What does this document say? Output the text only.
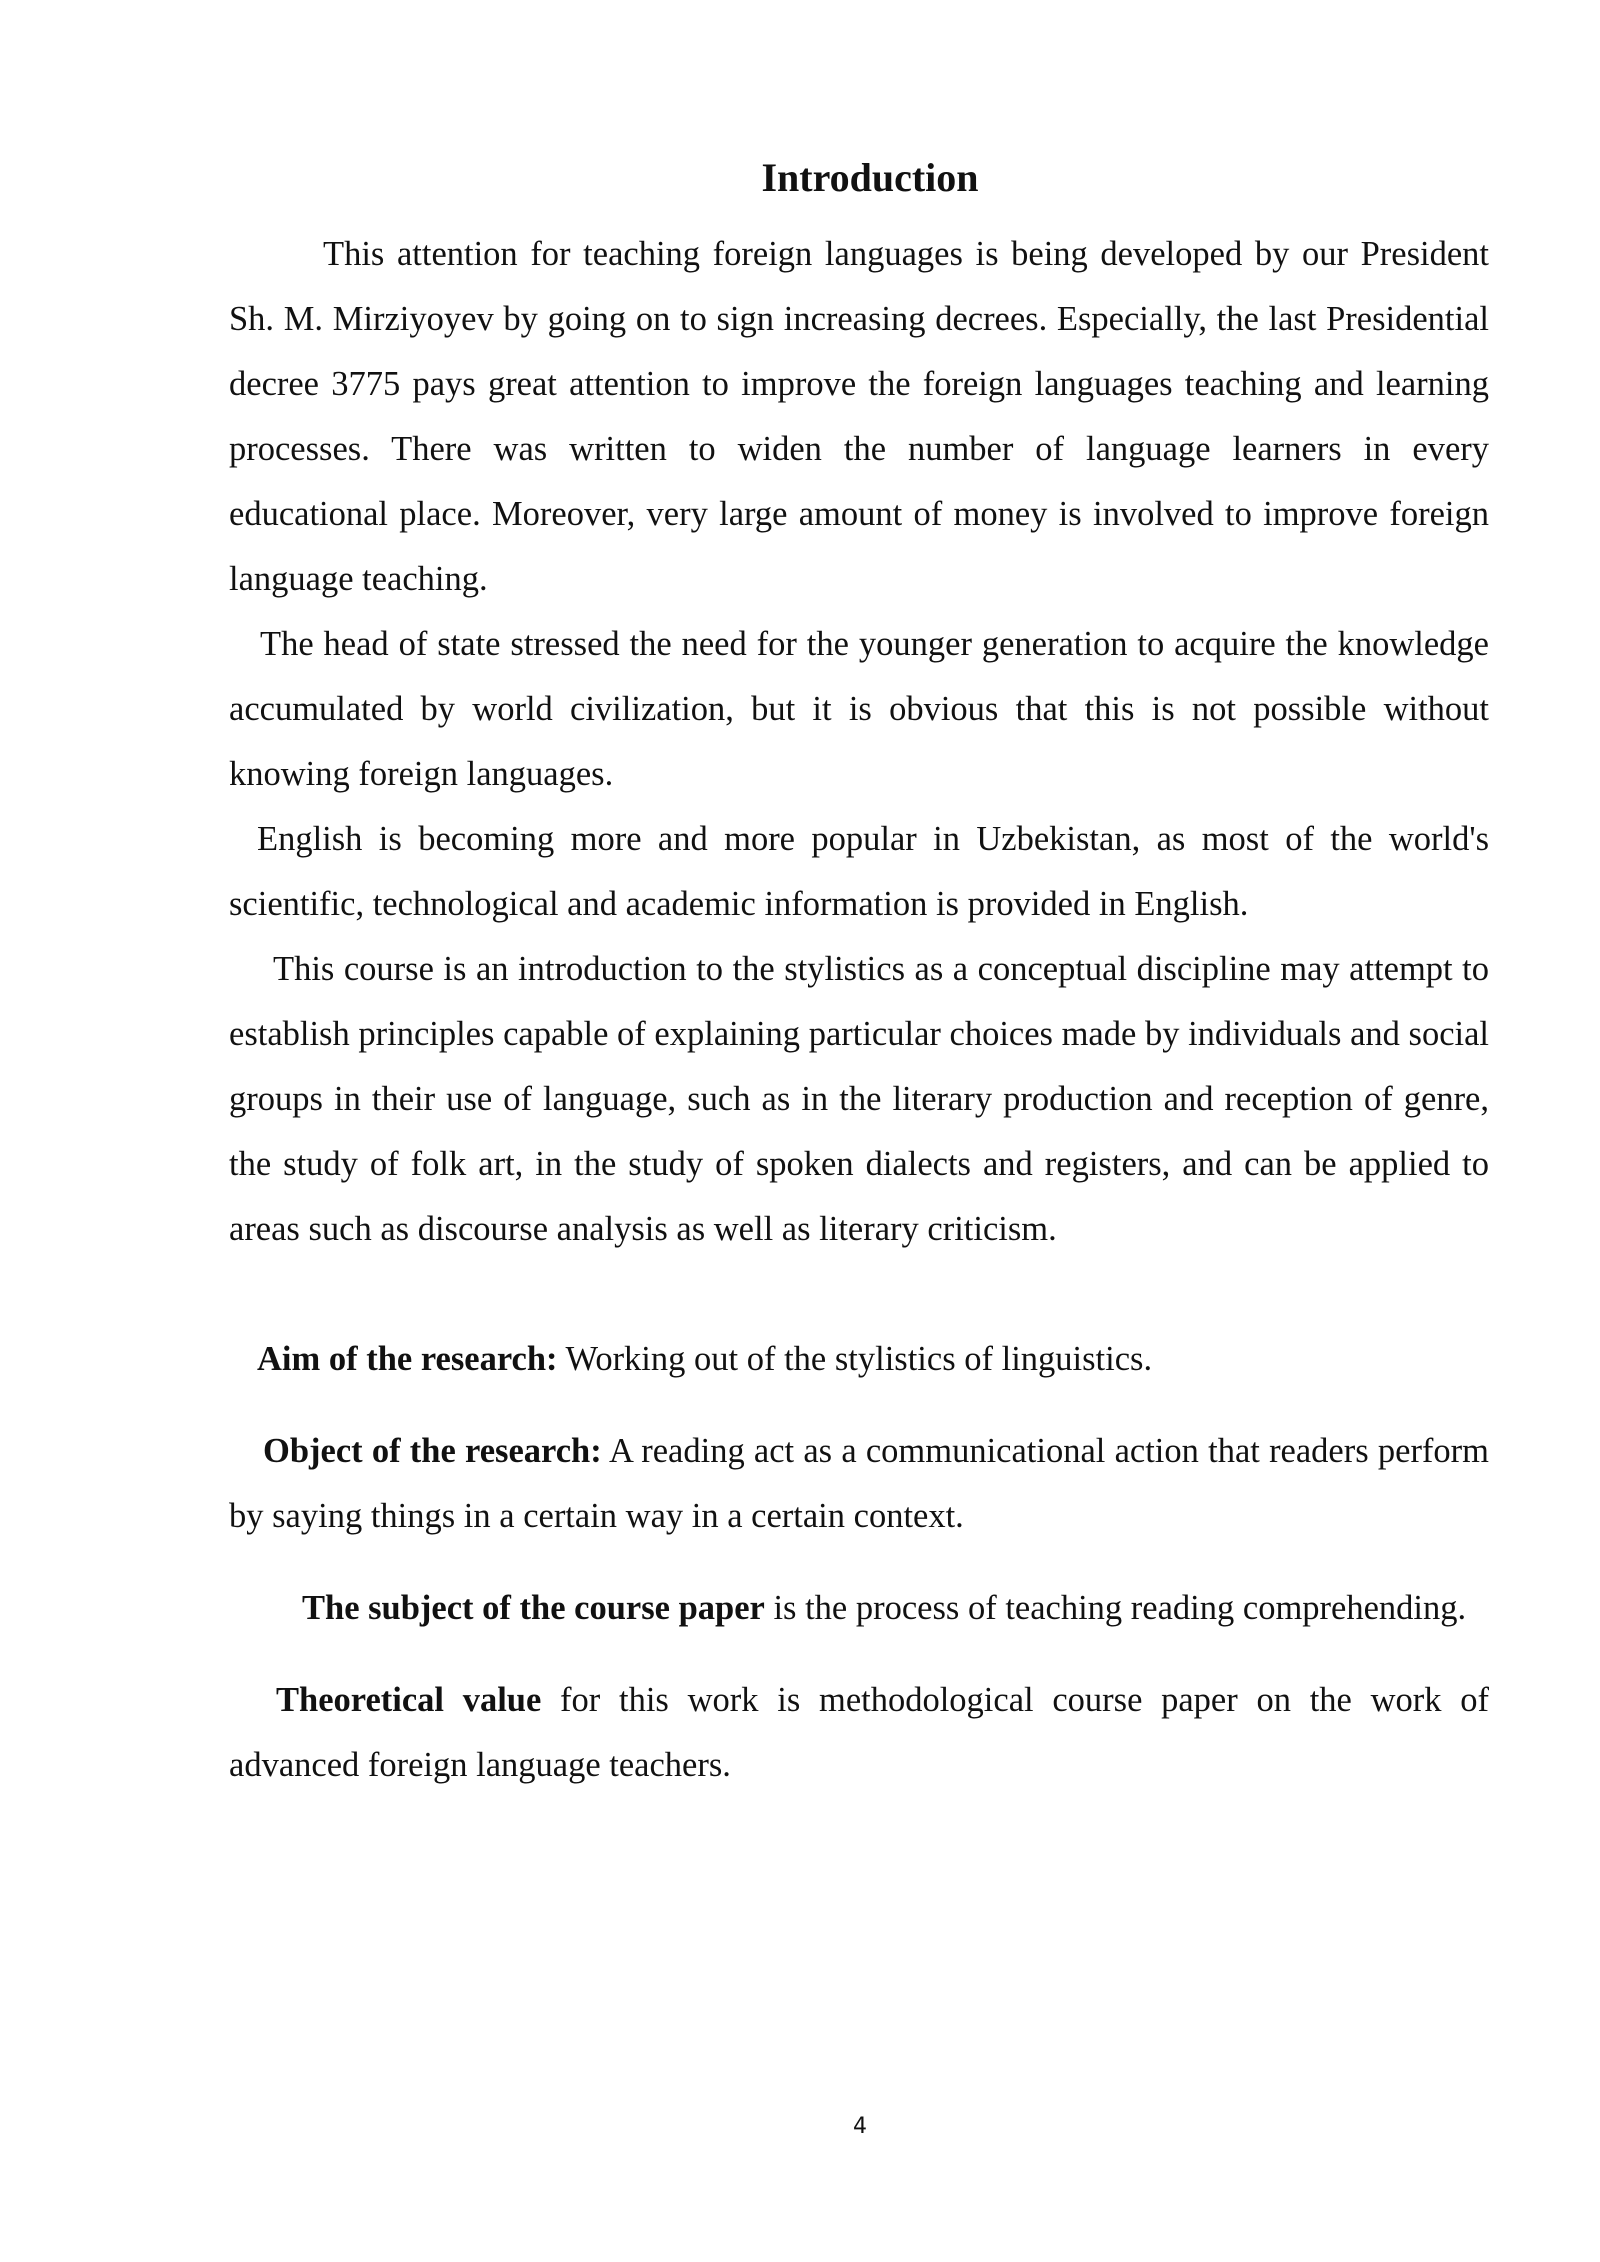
Introduction

This attention for teaching foreign languages is being developed by our President Sh. M. Mirziyoyev by going on to sign increasing decrees. Especially, the last Presidential decree 3775 pays great attention to improve the foreign languages teaching and learning processes. There was written to widen the number of language learners in every educational place. Moreover, very large amount of money is involved to improve foreign language teaching.

The head of state stressed the need for the younger generation to acquire the knowledge accumulated by world civilization, but it is obvious that this is not possible without knowing foreign languages.

English is becoming more and more popular in Uzbekistan, as most of the world's scientific, technological and academic information is provided in English.

This course is an introduction to the stylistics as a conceptual discipline may attempt to establish principles capable of explaining particular choices made by individuals and social groups in their use of language, such as in the literary production and reception of genre, the study of folk art, in the study of spoken dialects and registers, and can be applied to areas such as discourse analysis as well as literary criticism.

Aim of the research: Working out of the stylistics of linguistics.

Object of the research: A reading act as a communicational action that readers perform by saying things in a certain way in a certain context.

The subject of the course paper is the process of teaching reading comprehending.

Theoretical value for this work is methodological course paper on the work of advanced foreign language teachers.

4
